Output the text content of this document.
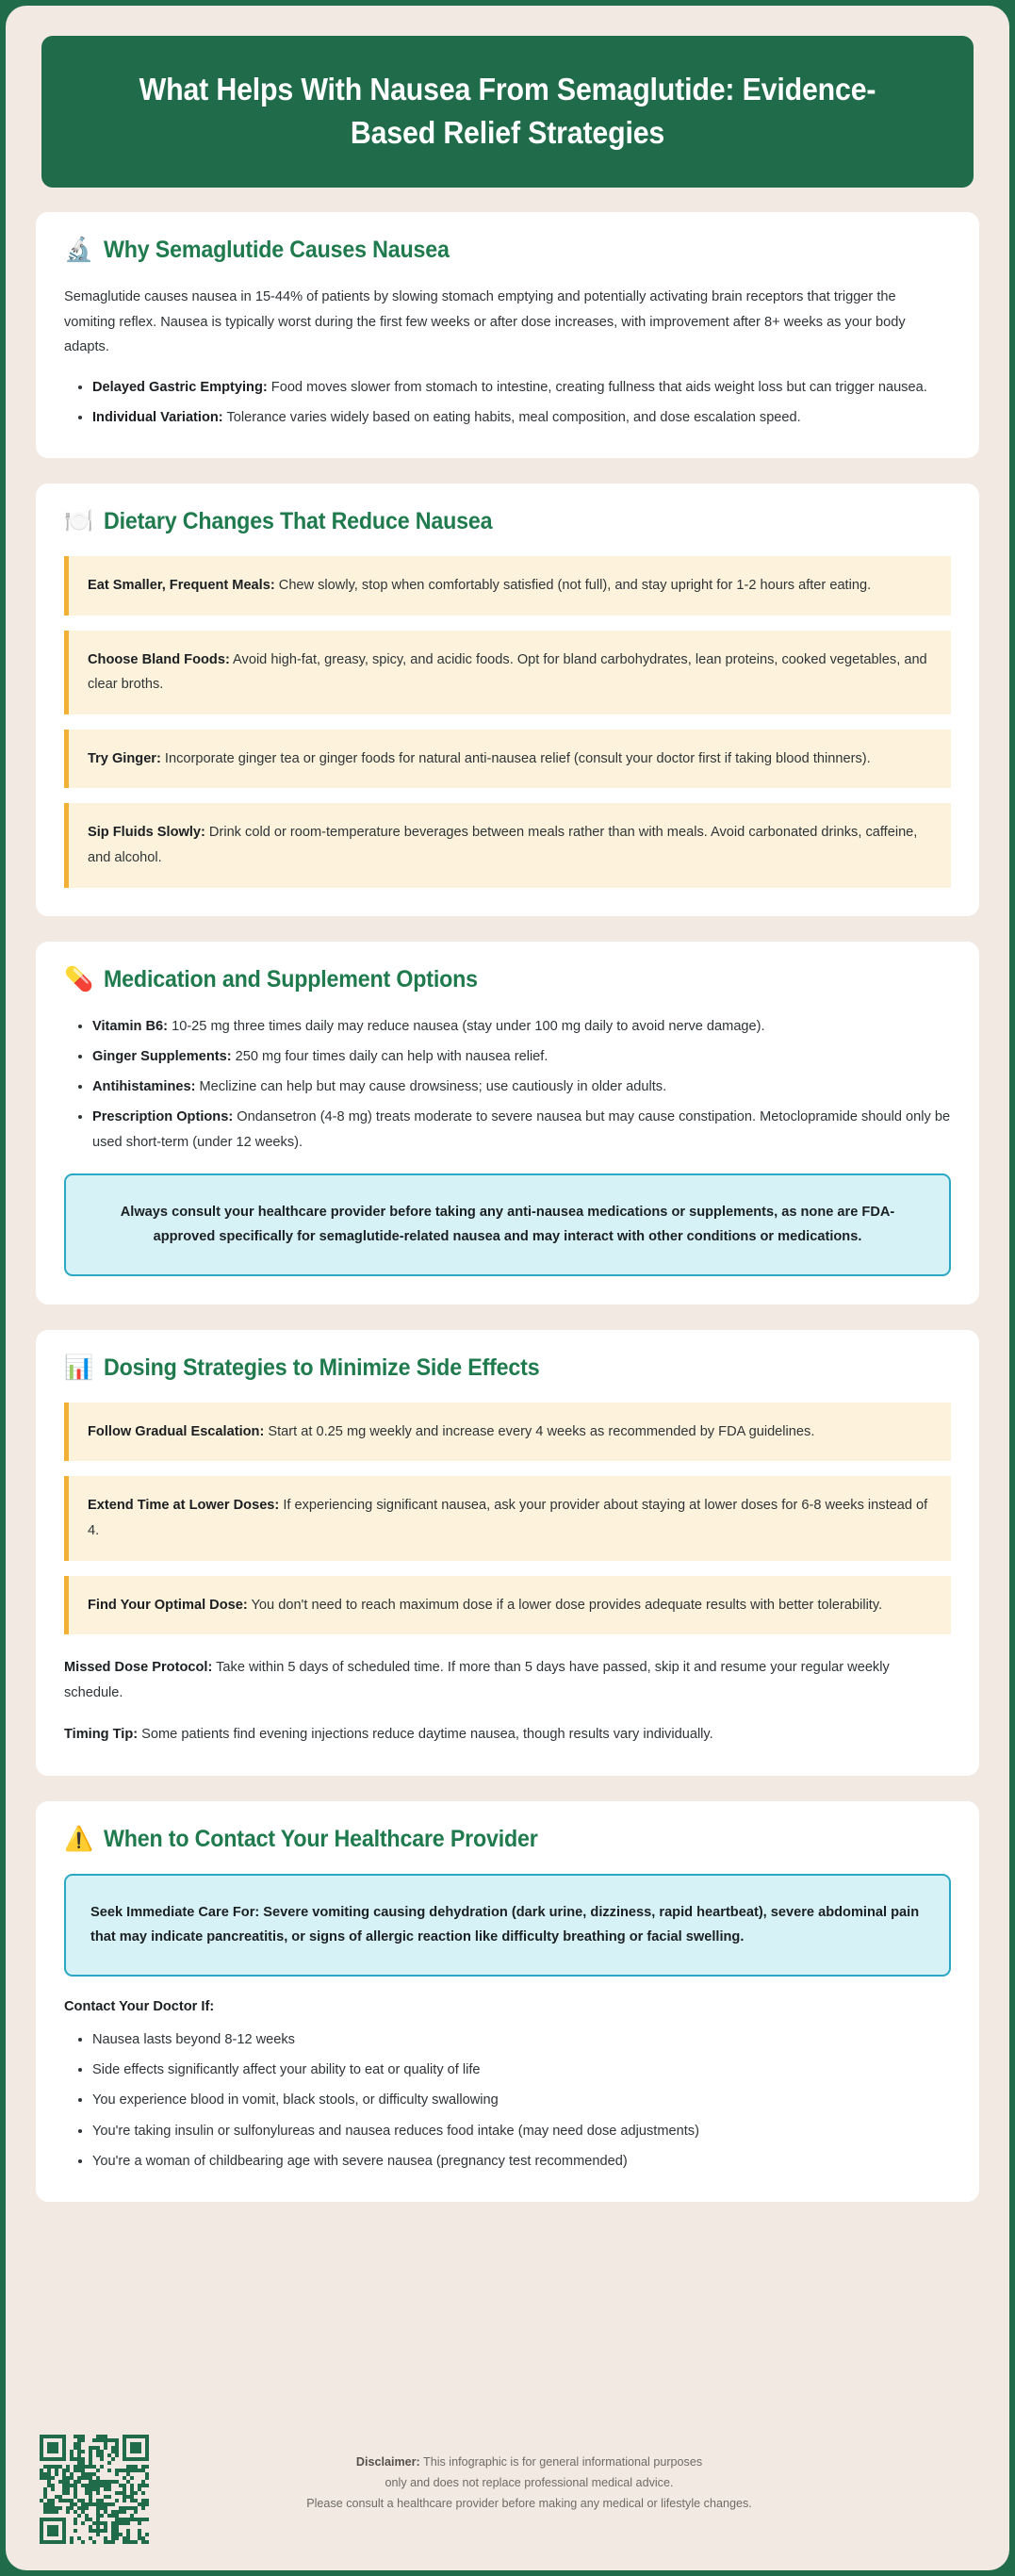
What Helps With Nausea From Semaglutide: Evidence-Based Relief Strategies
🔬 Why Semaglutide Causes Nausea

Semaglutide causes nausea in 15-44% of patients by slowing stomach emptying and potentially activating brain receptors that trigger the vomiting reflex. Nausea is typically worst during the first few weeks or after dose increases, with improvement after 8+ weeks as your body adapts.

• Delayed Gastric Emptying: Food moves slower from stomach to intestine, creating fullness that aids weight loss but can trigger nausea.
• Individual Variation: Tolerance varies widely based on eating habits, meal composition, and dose escalation speed.
🍽️ Dietary Changes That Reduce Nausea

Eat Smaller, Frequent Meals: Chew slowly, stop when comfortably satisfied (not full), and stay upright for 1-2 hours after eating.

Choose Bland Foods: Avoid high-fat, greasy, spicy, and acidic foods. Opt for bland carbohydrates, lean proteins, cooked vegetables, and clear broths.

Try Ginger: Incorporate ginger tea or ginger foods for natural anti-nausea relief (consult your doctor first if taking blood thinners).

Sip Fluids Slowly: Drink cold or room-temperature beverages between meals rather than with meals. Avoid carbonated drinks, caffeine, and alcohol.

💊 Medication and Supplement Options
• Vitamin B6: 10-25 mg three times daily may reduce nausea (stay under 100 mg daily to avoid nerve damage).
• Ginger Supplements: 250 mg four times daily can help with nausea relief.
• Antihistamines: Meclizine can help but may cause drowsiness; use cautiously in older adults.
• Prescription Options: Ondansetron (4-8 mg) treats moderate to severe nausea but may cause constipation. Metoclopramide should only be used short-term (under 12 weeks).

Always consult your healthcare provider before taking any anti-nausea medications or supplements, as none are FDA-approved specifically for semaglutide-related nausea and may interact with other conditions or medications.

📊 Dosing Strategies to Minimize Side Effects

Follow Gradual Escalation: Start at 0.25 mg weekly and increase every 4 weeks as recommended by FDA guidelines.

Extend Time at Lower Doses: If experiencing significant nausea, ask your provider about staying at lower doses for 6-8 weeks instead of 4.

Find Your Optimal Dose: You don't need to reach maximum dose if a lower dose provides adequate results with better tolerability.

Missed Dose Protocol: Take within 5 days of scheduled time. If more than 5 days have passed, skip it and resume your regular weekly schedule.

Timing Tip: Some patients find evening injections reduce daytime nausea, though results vary individually.

⚠️ When to Contact Your Healthcare Provider

Seek Immediate Care For: Severe vomiting causing dehydration (dark urine, dizziness, rapid heartbeat), severe abdominal pain that may indicate pancreatitis, or signs of allergic reaction like difficulty breathing or facial swelling.

Contact Your Doctor If:
• Nausea lasts beyond 8-12 weeks
• Side effects significantly affect your ability to eat or quality of life
• You experience blood in vomit, black stools, or difficulty swallowing
• You're taking insulin or sulfonylureas and nausea reduces food intake (may need dose adjustments)
• You're a woman of childbearing age with severe nausea (pregnancy test recommended)

Disclaimer: This infographic is for general informational purposes

only and does not replace professional medical advice.

Please consult a healthcare provider before making any medical or lifestyle changes.
